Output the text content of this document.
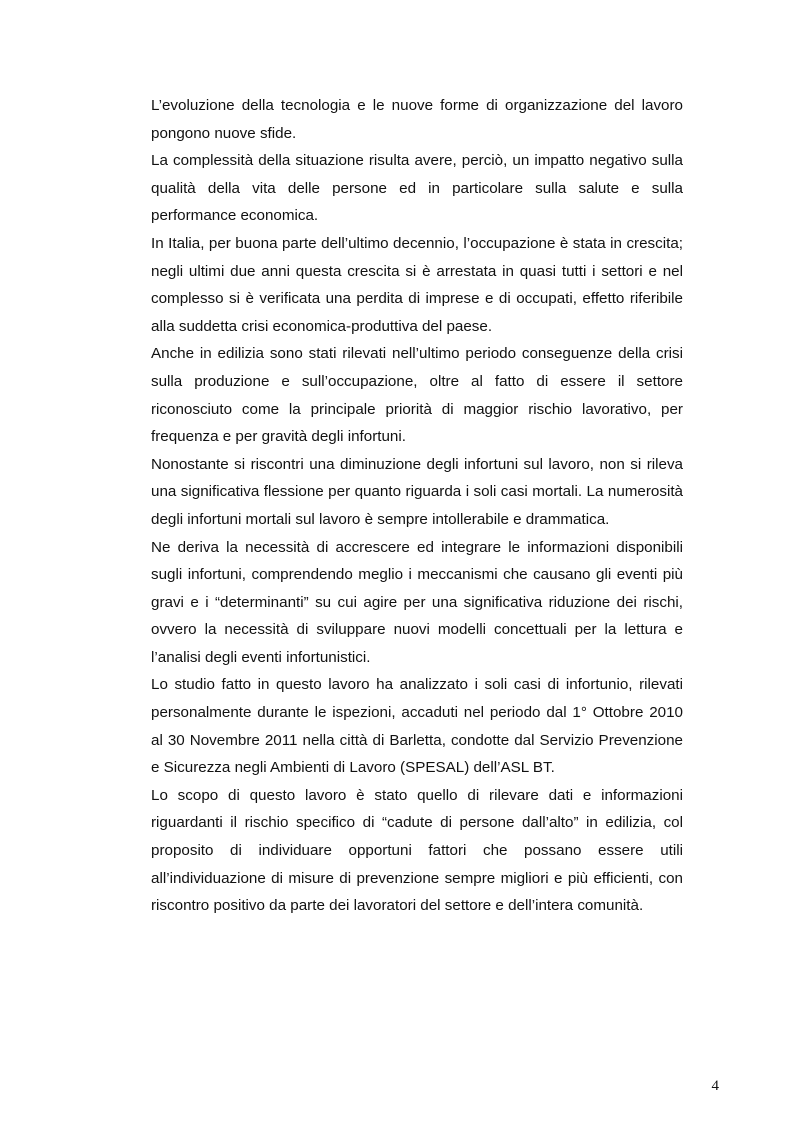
L’evoluzione della tecnologia e le nuove forme di organizzazione del lavoro pongono nuove sfide.

La complessità della situazione risulta avere, perciò, un impatto negativo sulla qualità della vita delle persone ed in particolare sulla salute e sulla performance economica.

In Italia, per buona parte dell’ultimo decennio, l’occupazione è stata in crescita; negli ultimi due anni questa crescita si è arrestata in quasi tutti i settori e nel complesso si è verificata una perdita di imprese e di occupati, effetto riferibile alla suddetta crisi economica-produttiva del paese.

Anche in edilizia sono stati rilevati nell’ultimo periodo conseguenze della crisi sulla produzione e sull’occupazione, oltre al fatto di essere il settore riconosciuto come la principale priorità di maggior rischio lavorativo, per frequenza e per gravità degli infortuni.

Nonostante si riscontri una diminuzione degli infortuni sul lavoro, non si rileva una significativa flessione per quanto riguarda i soli casi mortali. La numerosità degli infortuni mortali sul lavoro è sempre intollerabile e drammatica.

Ne deriva la necessità di accrescere ed integrare le informazioni disponibili sugli infortuni, comprendendo meglio i meccanismi che causano gli eventi più gravi e i “determinanti” su cui agire per una significativa riduzione dei rischi, ovvero la necessità di sviluppare nuovi modelli concettuali per la lettura e l’analisi degli eventi infortunistici.

Lo studio fatto in questo lavoro ha analizzato i soli casi di infortunio, rilevati personalmente durante le ispezioni, accaduti nel periodo dal 1° Ottobre 2010 al 30 Novembre 2011 nella città di Barletta, condotte dal Servizio Prevenzione e Sicurezza negli Ambienti di Lavoro (SPESAL) dell’ASL BT.

Lo scopo di questo lavoro è stato quello di rilevare dati e informazioni riguardanti il rischio specifico di “cadute di persone dall’alto” in edilizia, col proposito di individuare opportuni fattori che possano essere utili all’individuazione di misure di prevenzione sempre migliori e più efficienti, con riscontro positivo da parte dei lavoratori del settore e dell’intera comunità.

4
